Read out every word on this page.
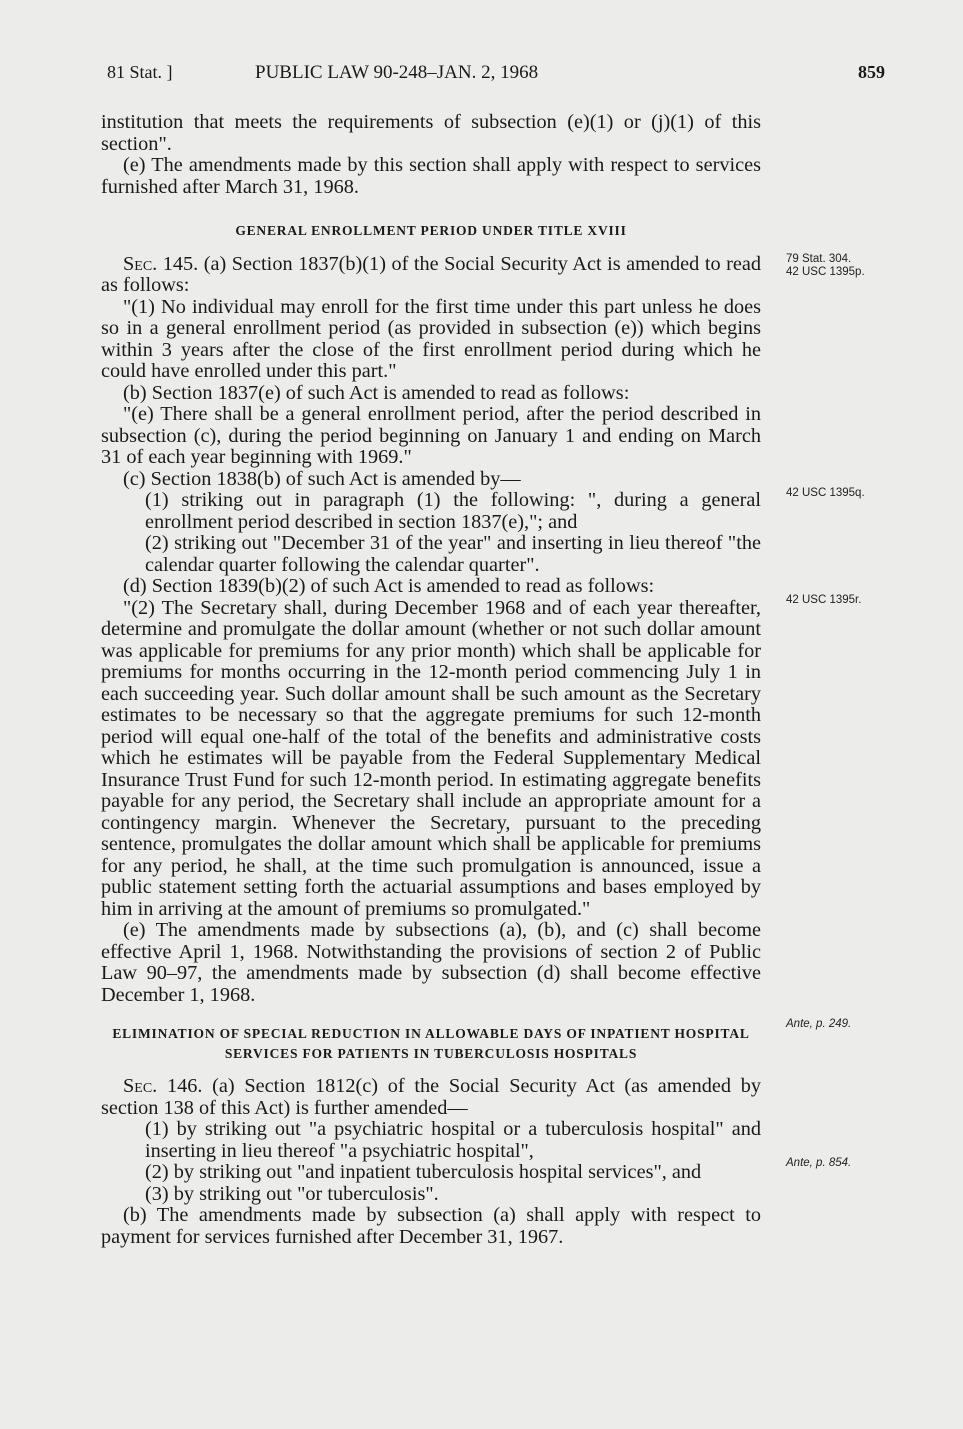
81 Stat. ]	PUBLIC LAW 90-248–JAN. 2, 1968	859

institution that meets the requirements of subsection (e)(1) or (j)(1) of this section".

(e) The amendments made by this section shall apply with respect to services furnished after March 31, 1968.

GENERAL ENROLLMENT PERIOD UNDER TITLE XVIII

Sec. 145. (a) Section 1837(b)(1) of the Social Security Act is amended to read as follows:

"(1) No individual may enroll for the first time under this part unless he does so in a general enrollment period (as provided in subsection (e)) which begins within 3 years after the close of the first enrollment period during which he could have enrolled under this part."

(b) Section 1837(e) of such Act is amended to read as follows:

"(e) There shall be a general enrollment period, after the period described in subsection (c), during the period beginning on January 1 and ending on March 31 of each year beginning with 1969."

(c) Section 1838(b) of such Act is amended by—

(1) striking out in paragraph (1) the following: ", during a general enrollment period described in section 1837(e),"; and

(2) striking out "December 31 of the year" and inserting in lieu thereof "the calendar quarter following the calendar quarter".

(d) Section 1839(b)(2) of such Act is amended to read as follows:

"(2) The Secretary shall, during December 1968 and of each year thereafter, determine and promulgate the dollar amount (whether or not such dollar amount was applicable for premiums for any prior month) which shall be applicable for premiums for months occurring in the 12-month period commencing July 1 in each succeeding year. Such dollar amount shall be such amount as the Secretary estimates to be necessary so that the aggregate premiums for such 12-month period will equal one-half of the total of the benefits and administrative costs which he estimates will be payable from the Federal Supplementary Medical Insurance Trust Fund for such 12-month period. In estimating aggregate benefits payable for any period, the Secretary shall include an appropriate amount for a contingency margin. Whenever the Secretary, pursuant to the preceding sentence, promulgates the dollar amount which shall be applicable for premiums for any period, he shall, at the time such promulgation is announced, issue a public statement setting forth the actuarial assumptions and bases employed by him in arriving at the amount of premiums so promulgated."

(e) The amendments made by subsections (a), (b), and (c) shall become effective April 1, 1968. Notwithstanding the provisions of section 2 of Public Law 90–97, the amendments made by subsection (d) shall become effective December 1, 1968.

ELIMINATION OF SPECIAL REDUCTION IN ALLOWABLE DAYS OF INPATIENT HOSPITAL SERVICES FOR PATIENTS IN TUBERCULOSIS HOSPITALS

Sec. 146. (a) Section 1812(c) of the Social Security Act (as amended by section 138 of this Act) is further amended—

(1) by striking out "a psychiatric hospital or a tuberculosis hospital" and inserting in lieu thereof "a psychiatric hospital",

(2) by striking out "and inpatient tuberculosis hospital services", and

(3) by striking out "or tuberculosis".

(b) The amendments made by subsection (a) shall apply with respect to payment for services furnished after December 31, 1967.

79 Stat. 304.
42 USC 1395p.
42 USC 1395q.
42 USC 1395r.
Ante, p. 249.
Ante, p. 854.
